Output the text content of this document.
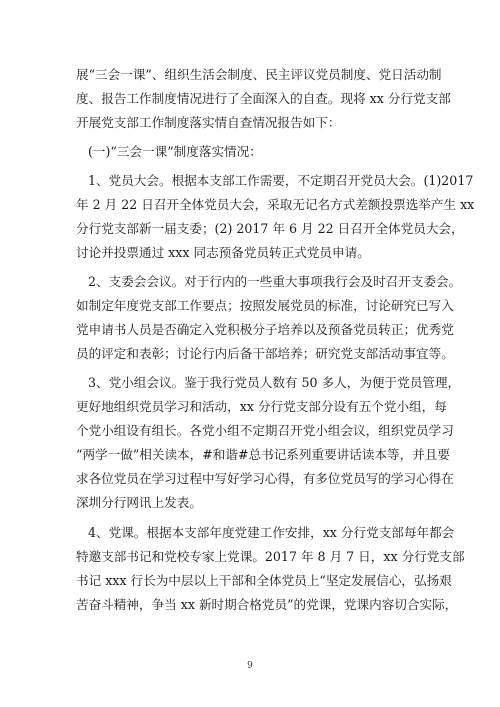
展“三会一课”、组织生活会制度、民主评议党员制度、党日活动制
度、报告工作制度情况进行了全面深入的自查。现将 xx 分行党支部
开展党支部工作制度落实情自查情况报告如下：
(一)“三会一课”制度落实情况：
1、党员大会。根据本支部工作需要，不定期召开党员大会。(1)2017
年 2 月 22 日召开全体党员大会，采取无记名方式差额投票选举产生 xx
分行党支部新一届支委；(2) 2017 年 6 月 22 日召开全体党员大会，
讨论并投票通过 xxx 同志预备党员转正式党员申请。
2、支委会会议。对于行内的一些重大事项我行会及时召开支委会。
如制定年度党支部工作要点；按照发展党员的标准，讨论研究已写入
党申请书人员是否确定入党积极分子培养以及预备党员转正；优秀党
员的评定和表彰；讨论行内后备干部培养；研究党支部活动事宜等。
3、党小组会议。鉴于我行党员人数有 50 多人，为便于党员管理，
更好地组织党员学习和活动，xx 分行党支部分设有五个党小组，每
个党小组设有组长。各党小组不定期召开党小组会议，组织党员学习
“两学一做”相关读本，#和谐#总书记系列重要讲话读本等，并且要
求各位党员在学习过程中写好学习心得，有多位党员写的学习心得在
深圳分行网讯上发表。
4、党课。根据本支部年度党建工作安排，xx 分行党支部每年都会
特邀支部书记和党校专家上党课。2017 年 8 月 7 日，xx 分行党支部
书记 xxx 行长为中层以上干部和全体党员上“坚定发展信心，弘扬艰
苦奋斗精神，争当 xx 新时期合格党员”的党课，党课内容切合实际，
9
